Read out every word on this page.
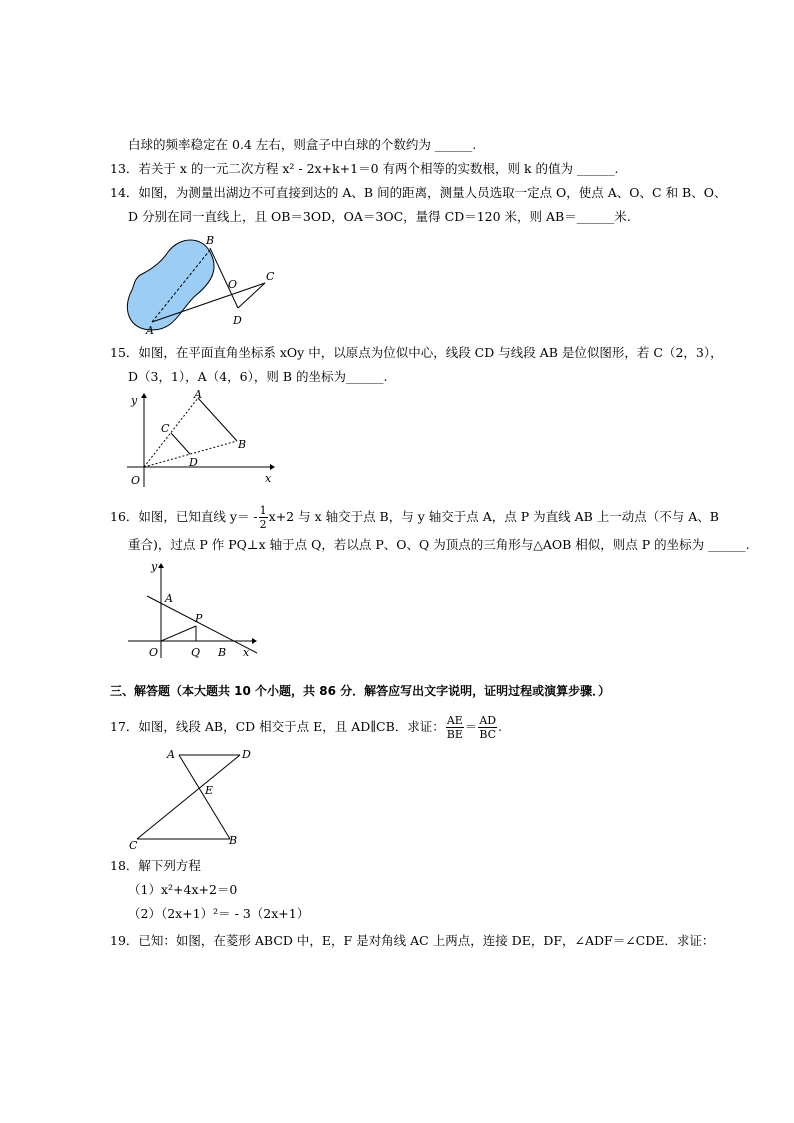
白球的频率稳定在 0.4 左右，则盒子中白球的个数约为 ______.
13．若关于 x 的一元二次方程 x² - 2x+k+1＝0 有两个相等的实数根，则 k 的值为 ______.
14．如图，为测量出湖边不可直接到达的 A、B 间的距离，测量人员选取一定点 O，使点 A、O、C 和 B、O、
D 分别在同一直线上，且 OB＝3OD，OA＝3OC，量得 CD＝120 米，则 AB＝______米.
A
B
C
D
O
15．如图，在平面直角坐标系 xOy 中，以原点为位似中心，线段 CD 与线段 AB 是位似图形，若 C（2，3），
D（3，1），A（4，6），则 B 的坐标为______.
y
x
O
A
B
C
D
16．如图，已知直线 $y= - \frac{1}{2} x+2$ 与 x 轴交于点 B，与 y 轴交于点 A，点 P 为直线 AB 上一动点（不与 A、B
重合)，过点 P 作 PQ⊥x 轴于点 Q，若以点 P、O、Q 为顶点的三角形与△AOB 相似，则点 P 的坐标为 ______.
y
x
O
A
B
P
Q
三、解答题（本大题共 10 个小题，共 86 分．解答应写出文字说明，证明过程或演算步骤．）
17．如图，线段 AB，CD 相交于点 E，且 AD∥CB．求证： $\frac{AE}{BE} = \frac{AD}{BC}$ .
A	D
E
C	B
18．解下列方程
（1）x²+4x+2＝0
（2）（2x+1）²＝ - 3（2x+1）
19．已知：如图，在菱形 ABCD 中，E，F 是对角线 AC 上两点，连接 DE，DF，∠ADF＝∠CDE．求证：
